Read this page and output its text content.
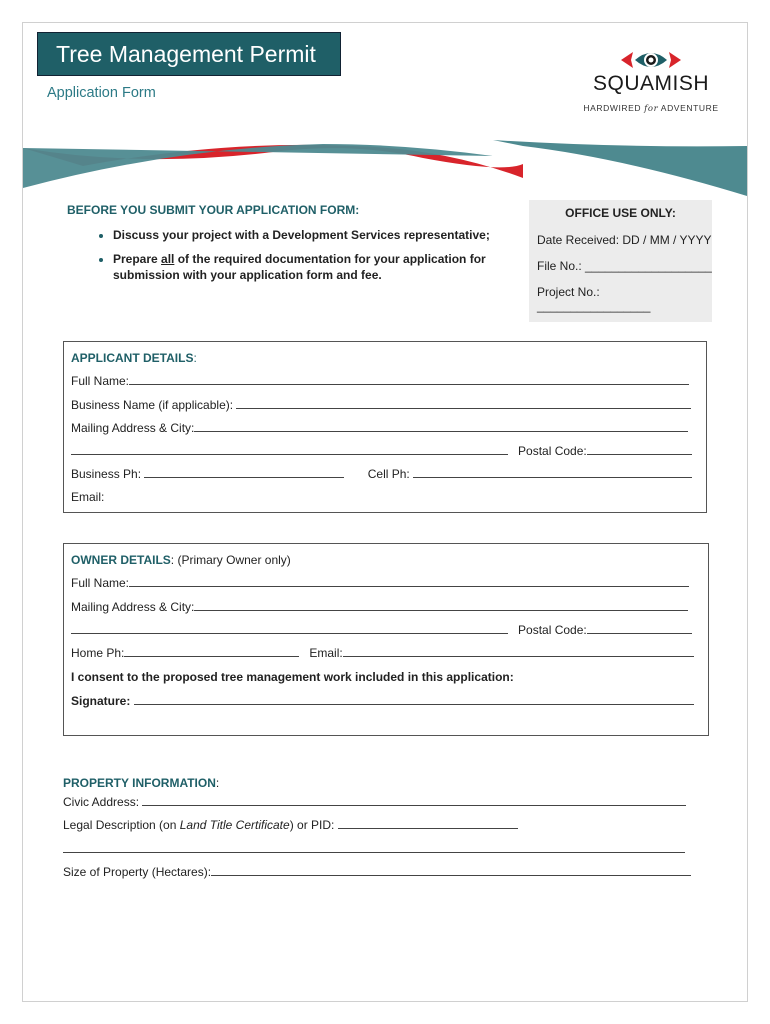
Tree Management Permit
Application Form	SQUAMISH
HARDWIRED for ADVENTURE
BEFORE YOU SUBMIT YOUR APPLICATION FORM:
• Discuss your project with a Development Services representative;
• Prepare all of the required documentation for your application for submission with your application form and fee.
OFFICE USE ONLY:
Date Received: DD / MM / YYYY
File No.: ___________________
Project No.: _________________
APPLICANT DETAILS:
Full Name:
Business Name (if applicable):
Mailing Address & City:
Postal Code:
Business Ph:	Cell Ph:
Email:
OWNER DETAILS: (Primary Owner only)
Full Name:
Mailing Address & City:
Postal Code:
Home Ph:	Email:
I consent to the proposed tree management work included in this application:
Signature:
PROPERTY INFORMATION:
Civic Address:
Legal Description (on Land Title Certificate) or PID:
Size of Property (Hectares):
